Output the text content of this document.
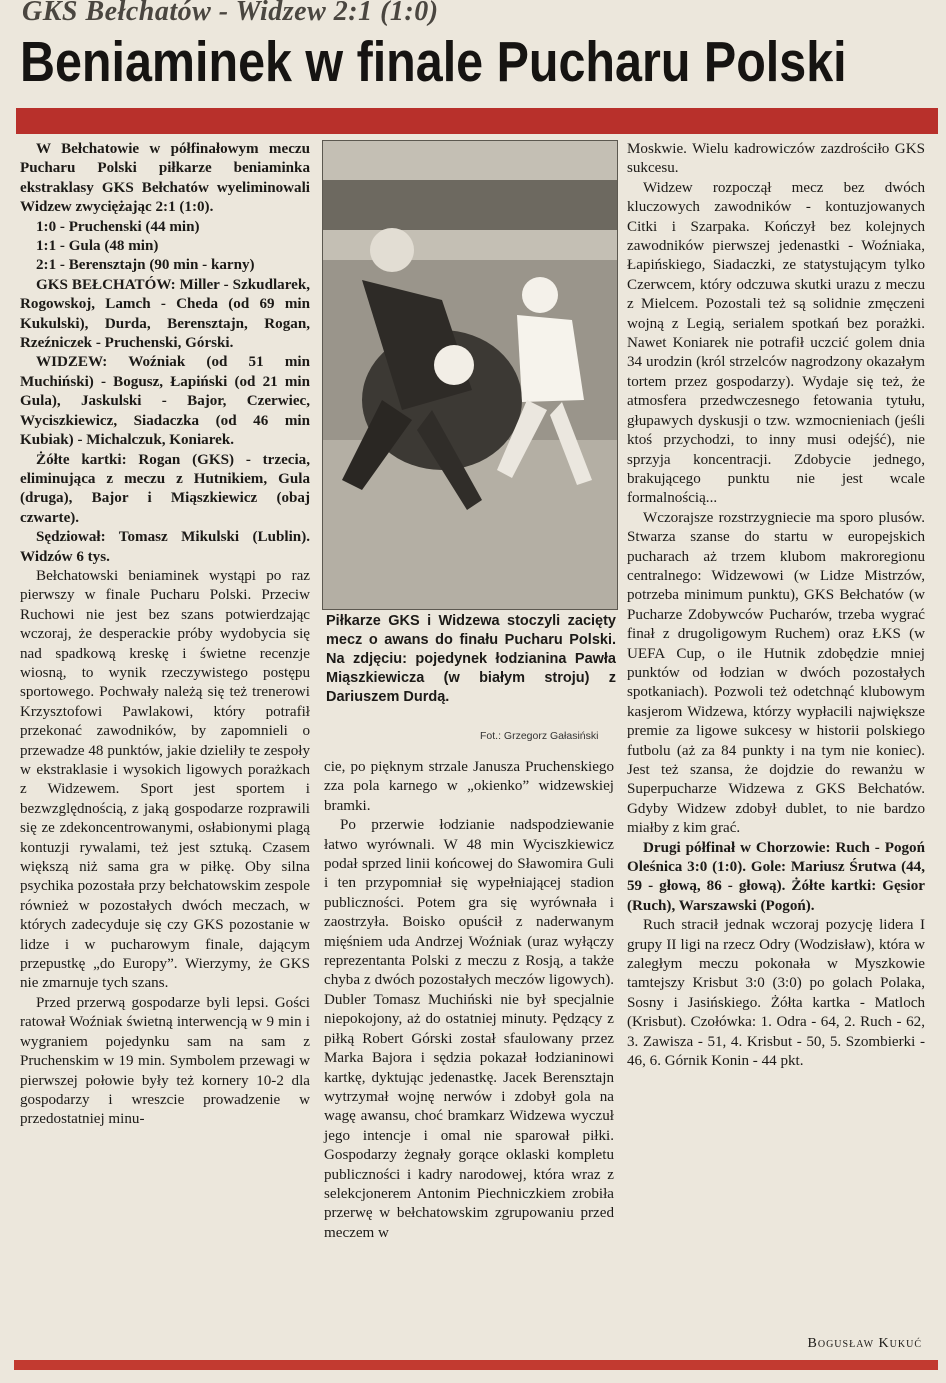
GKS Bełchatów - Widzew 2:1 (1:0)
Beniaminek w finale Pucharu Polski

W Bełchatowie w półfinałowym meczu Pucharu Polski piłkarze beniaminka ekstraklasy GKS Bełchatów wyeliminowali Widzew zwyciężając 2:1 (1:0).

1:0 - Pruchenski (44 min)

1:1 - Gula (48 min)

2:1 - Berensztajn (90 min - karny)

GKS BEŁCHATÓW: Miller - Szkudlarek, Rogowskoj, Lamch - Cheda (od 69 min Kukulski), Durda, Berensztajn, Rogan, Rzeźniczek - Pruchenski, Górski.

WIDZEW: Woźniak (od 51 min Muchiński) - Bogusz, Łapiński (od 21 min Gula), Jaskulski - Bajor, Czerwiec, Wyciszkiewicz, Siadaczka (od 46 min Kubiak) - Michalczuk, Koniarek.

Żółte kartki: Rogan (GKS) - trzecia, eliminująca z meczu z Hutnikiem, Gula (druga), Bajor i Miąszkiewicz (obaj czwarte).

Sędziował: Tomasz Mikulski (Lublin). Widzów 6 tys.

Bełchatowski beniaminek wystąpi po raz pierwszy w finale Pucharu Polski. Przeciw Ruchowi nie jest bez szans potwierdzając wczoraj, że desperackie próby wydobycia się nad spadkową kreskę i świetne recenzje wiosną, to wynik rzeczywistego postępu sportowego. Pochwały należą się też trenerowi Krzysztofowi Pawlakowi, który potrafił przekonać zawodników, by zapomnieli o przewadze 48 punktów, jakie dzieliły te zespoły w ekstraklasie i wysokich ligowych porażkach z Widzewem. Sport jest sportem i bezwzględnością, z jaką gospodarze rozprawili się ze zdekoncentrowanymi, osłabionymi plagą kontuzji rywalami, też jest sztuką. Czasem większą niż sama gra w piłkę. Oby silna psychika pozostała przy bełchatowskim zespole również w pozostałych dwóch meczach, w których zadecyduje się czy GKS pozostanie w lidze i w pucharowym finale, dającym przepustkę „do Europy”. Wierzymy, że GKS nie zmarnuje tych szans.

Przed przerwą gospodarze byli lepsi. Gości ratował Woźniak świetną interwencją w 9 min i wygraniem pojedynku sam na sam z Pruchenskim w 19 min. Symbolem przewagi w pierwszej połowie były też kornery 10-2 dla gospodarzy i wreszcie prowadzenie w przedostatniej minu-

Piłkarze GKS i Widzewa stoczyli zacięty mecz o awans do finału Pucharu Polski. Na zdjęciu: pojedynek łodzianina Pawła Miąszkiewicza (w białym stroju) z Dariuszem Durdą.
Fot.: Grzegorz Gałasiński

cie, po pięknym strzale Janusza Pruchenskiego zza pola karnego w „okienko” widzewskiej bramki.

Po przerwie łodzianie nadspodziewanie łatwo wyrównali. W 48 min Wyciszkiewicz podał sprzed linii końcowej do Sławomira Guli i ten przypomniał się wypełniającej stadion publiczności. Potem gra się wyrównała i zaostrzyła. Boisko opuścił z naderwanym mięśniem uda Andrzej Woźniak (uraz wyłączy reprezentanta Polski z meczu z Rosją, a także chyba z dwóch pozostałych meczów ligowych). Dubler Tomasz Muchiński nie był specjalnie niepokojony, aż do ostatniej minuty. Pędzący z piłką Robert Górski został sfaulowany przez Marka Bajora i sędzia pokazał łodzianinowi kartkę, dyktując jedenastkę. Jacek Berensztajn wytrzymał wojnę nerwów i zdobył gola na wagę awansu, choć bramkarz Widzewa wyczuł jego intencje i omal nie sparował piłki. Gospodarzy żegnały gorące oklaski kompletu publiczności i kadry narodowej, która wraz z selekcjonerem Antonim Piechniczkiem zrobiła przerwę w bełchatowskim zgrupowaniu przed meczem w

Moskwie. Wielu kadrowiczów zazdrościło GKS sukcesu.

Widzew rozpoczął mecz bez dwóch kluczowych zawodników - kontuzjowanych Citki i Szarpaka. Kończył bez kolejnych zawodników pierwszej jedenastki - Woźniaka, Łapińskiego, Siadaczki, ze statystującym tylko Czerwcem, który odczuwa skutki urazu z meczu z Mielcem. Pozostali też są solidnie zmęczeni wojną z Legią, serialem spotkań bez porażki. Nawet Koniarek nie potrafił uczcić golem dnia 34 urodzin (król strzelców nagrodzony okazałym tortem przez gospodarzy). Wydaje się też, że atmosfera przedwczesnego fetowania tytułu, głupawych dyskusji o tzw. wzmocnieniach (jeśli ktoś przychodzi, to inny musi odejść), nie sprzyja koncentracji. Zdobycie jednego, brakującego punktu nie jest wcale formalnością...

Wczorajsze rozstrzygniecie ma sporo plusów. Stwarza szanse do startu w europejskich pucharach aż trzem klubom makroregionu centralnego: Widzewowi (w Lidze Mistrzów, potrzeba minimum punktu), GKS Bełchatów (w Pucharze Zdobywców Pucharów, trzeba wygrać finał z drugoligowym Ruchem) oraz ŁKS (w UEFA Cup, o ile Hutnik zdobędzie mniej punktów od łodzian w dwóch pozostałych spotkaniach). Pozwoli też odetchnąć klubowym kasjerom Widzewa, którzy wypłacili największe premie za ligowe sukcesy w historii polskiego futbolu (aż za 84 punkty i na tym nie koniec). Jest też szansa, że dojdzie do rewanżu w Superpucharze Widzewa z GKS Bełchatów. Gdyby Widzew zdobył dublet, to nie bardzo miałby z kim grać.

Drugi półfinał w Chorzowie: Ruch - Pogoń Oleśnica 3:0 (1:0). Gole: Mariusz Śrutwa (44, 59 - głową, 86 - głową). Żółte kartki: Gęsior (Ruch), Warszawski (Pogoń).

Ruch stracił jednak wczoraj pozycję lidera I grupy II ligi na rzecz Odry (Wodzisław), która w zaległym meczu pokonała w Myszkowie tamtejszy Krisbut 3:0 (3:0) po golach Polaka, Sosny i Jasińskiego. Żółta kartka - Matloch (Krisbut). Czołówka: 1. Odra - 64, 2. Ruch - 62, 3. Zawisza - 51, 4. Krisbut - 50, 5. Szombierki - 46, 6. Górnik Konin - 44 pkt.

Bogusław Kukuć
